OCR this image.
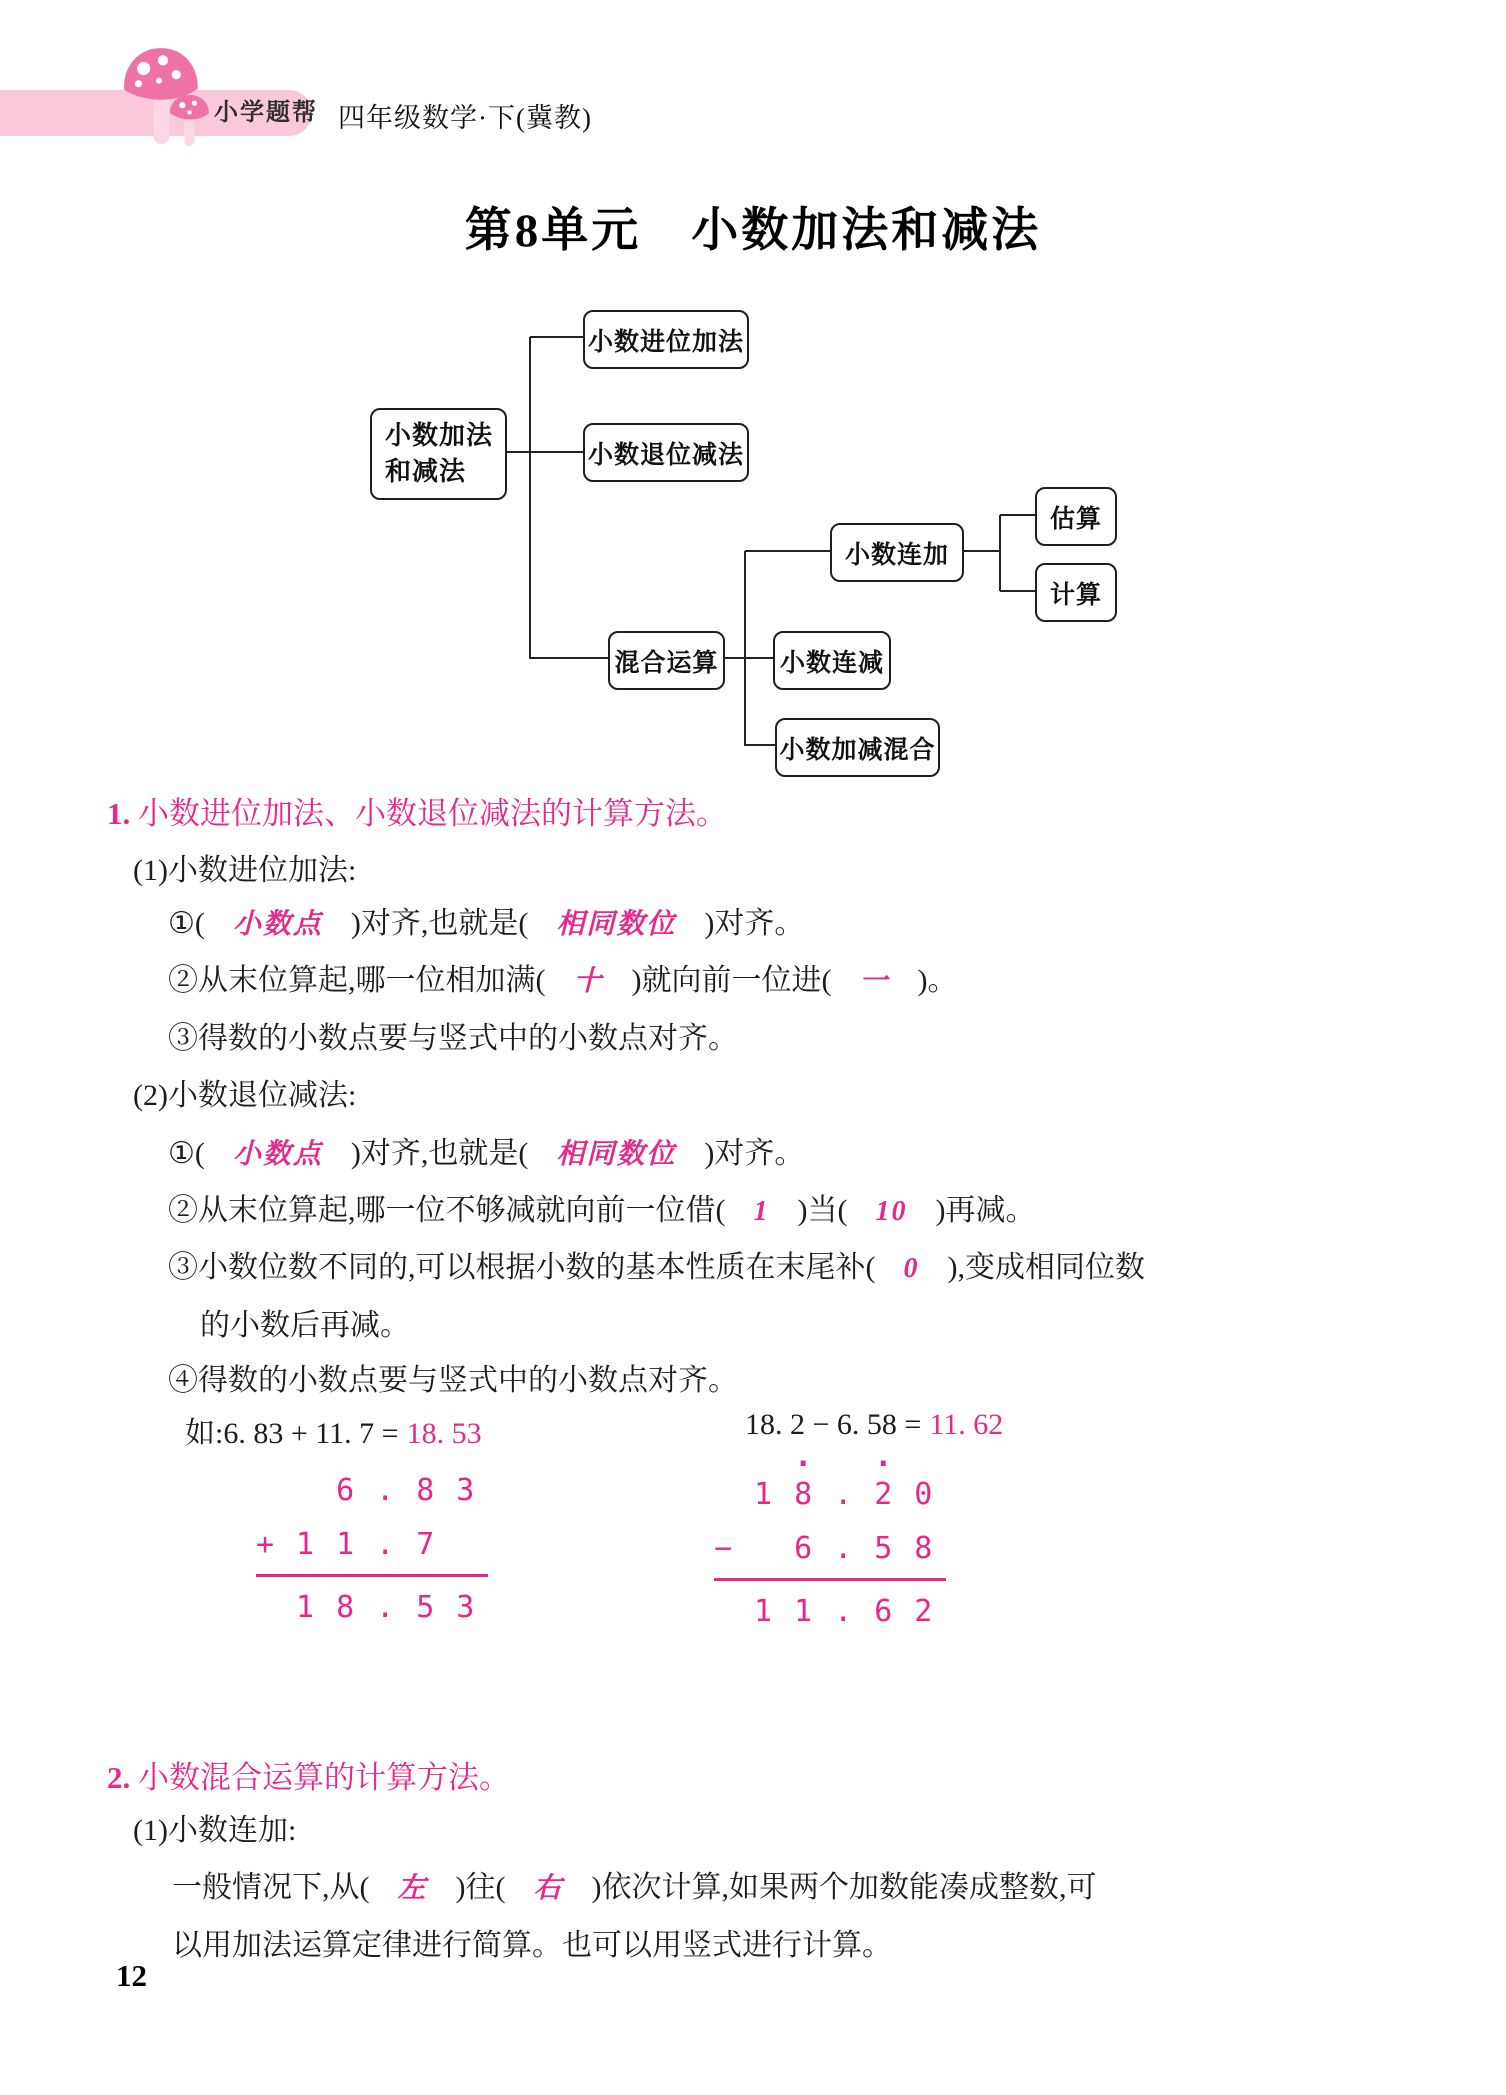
小学题帮 四年级数学·下(冀教)
第8单元　小数加法和减法
小数加法
和减法
小数进位加法
小数退位减法
混合运算
小数连加
估算
计算
小数连减
小数加减混合
1. 小数进位加法、小数退位减法的计算方法。
(1)小数进位加法:
①( 小数点 )对齐,也就是( 相同数位 )对齐。
②从末位算起,哪一位相加满( 十 )就向前一位进( 一 )。
③得数的小数点要与竖式中的小数点对齐。
(2)小数退位减法:
①( 小数点 )对齐,也就是( 相同数位 )对齐。
②从末位算起,哪一位不够减就向前一位借( 1 )当( 10 )再减。
③小数位数不同的,可以根据小数的基本性质在末尾补( 0 ),变成相同位数
的小数后再减。
④得数的小数点要与竖式中的小数点对齐。
如:6. 83 + 11. 7 = 18. 53	18. 2 − 6. 58 = 11. 62
6.83
+11.7
18.53
. .
18.20
− 6.58
11.62
2. 小数混合运算的计算方法。
(1)小数连加:
一般情况下,从( 左 )往( 右 )依次计算,如果两个加数能凑成整数,可
以用加法运算定律进行简算。也可以用竖式进行计算。
12
